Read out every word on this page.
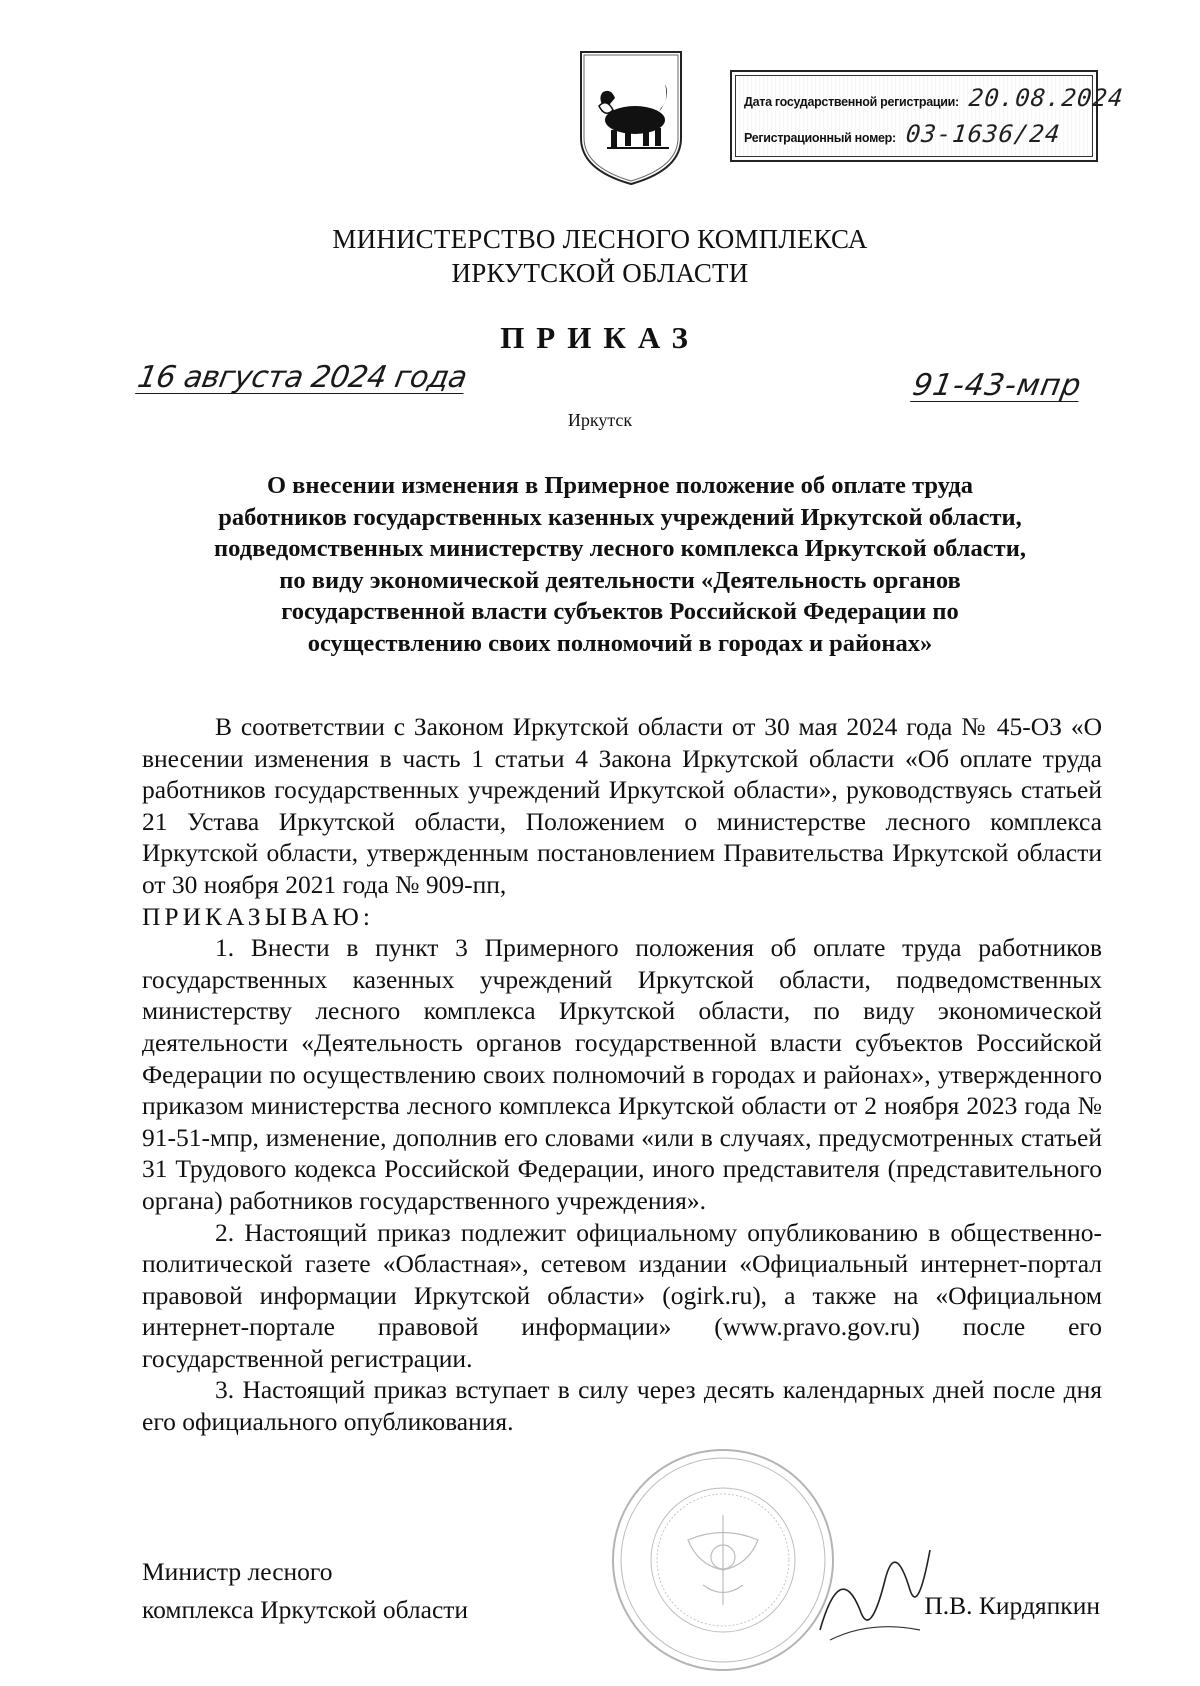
Дата государственной регистрации: 20.08.2024
Регистрационный номер: 03-1636/24
МИНИСТЕРСТВО ЛЕСНОГО КОМПЛЕКСА
ИРКУТСКОЙ ОБЛАСТИ
ПРИКАЗ
16 августа 2024 года	91-43-мпр
Иркутск
О внесении изменения в Примерное положение об оплате труда
работников государственных казенных учреждений Иркутской области,
подведомственных министерству лесного комплекса Иркутской области,
по виду экономической деятельности «Деятельность органов
государственной власти субъектов Российской Федерации по
осуществлению своих полномочий в городах и районах»

В соответствии с Законом Иркутской области от 30 мая 2024 года № 45-ОЗ «О внесении изменения в часть 1 статьи 4 Закона Иркутской области «Об оплате труда работников государственных учреждений Иркутской области», руководствуясь статьей 21 Устава Иркутской области, Положением о министерстве лесного комплекса Иркутской области, утвержденным постановлением Правительства Иркутской области от 30 ноября 2021 года № 909-пп,

ПРИКАЗЫВАЮ:

1. Внести в пункт 3 Примерного положения об оплате труда работников государственных казенных учреждений Иркутской области, подведомственных министерству лесного комплекса Иркутской области, по виду экономической деятельности «Деятельность органов государственной власти субъектов Российской Федерации по осуществлению своих полномочий в городах и районах», утвержденного приказом министерства лесного комплекса Иркутской области от 2 ноября 2023 года № 91-51-мпр, изменение, дополнив его словами «или в случаях, предусмотренных статьей 31 Трудового кодекса Российской Федерации, иного представителя (представительного органа) работников государственного учреждения».

2. Настоящий приказ подлежит официальному опубликованию в общественно-политической газете «Областная», сетевом издании «Официальный интернет-портал правовой информации Иркутской области» (ogirk.ru), а также на «Официальном интернет-портале правовой информации» (www.pravo.gov.ru) после его государственной регистрации.

3. Настоящий приказ вступает в силу через десять календарных дней после дня его официального опубликования.

Министр лесного
комплекса Иркутской области	П.В. Кирдяпкин
